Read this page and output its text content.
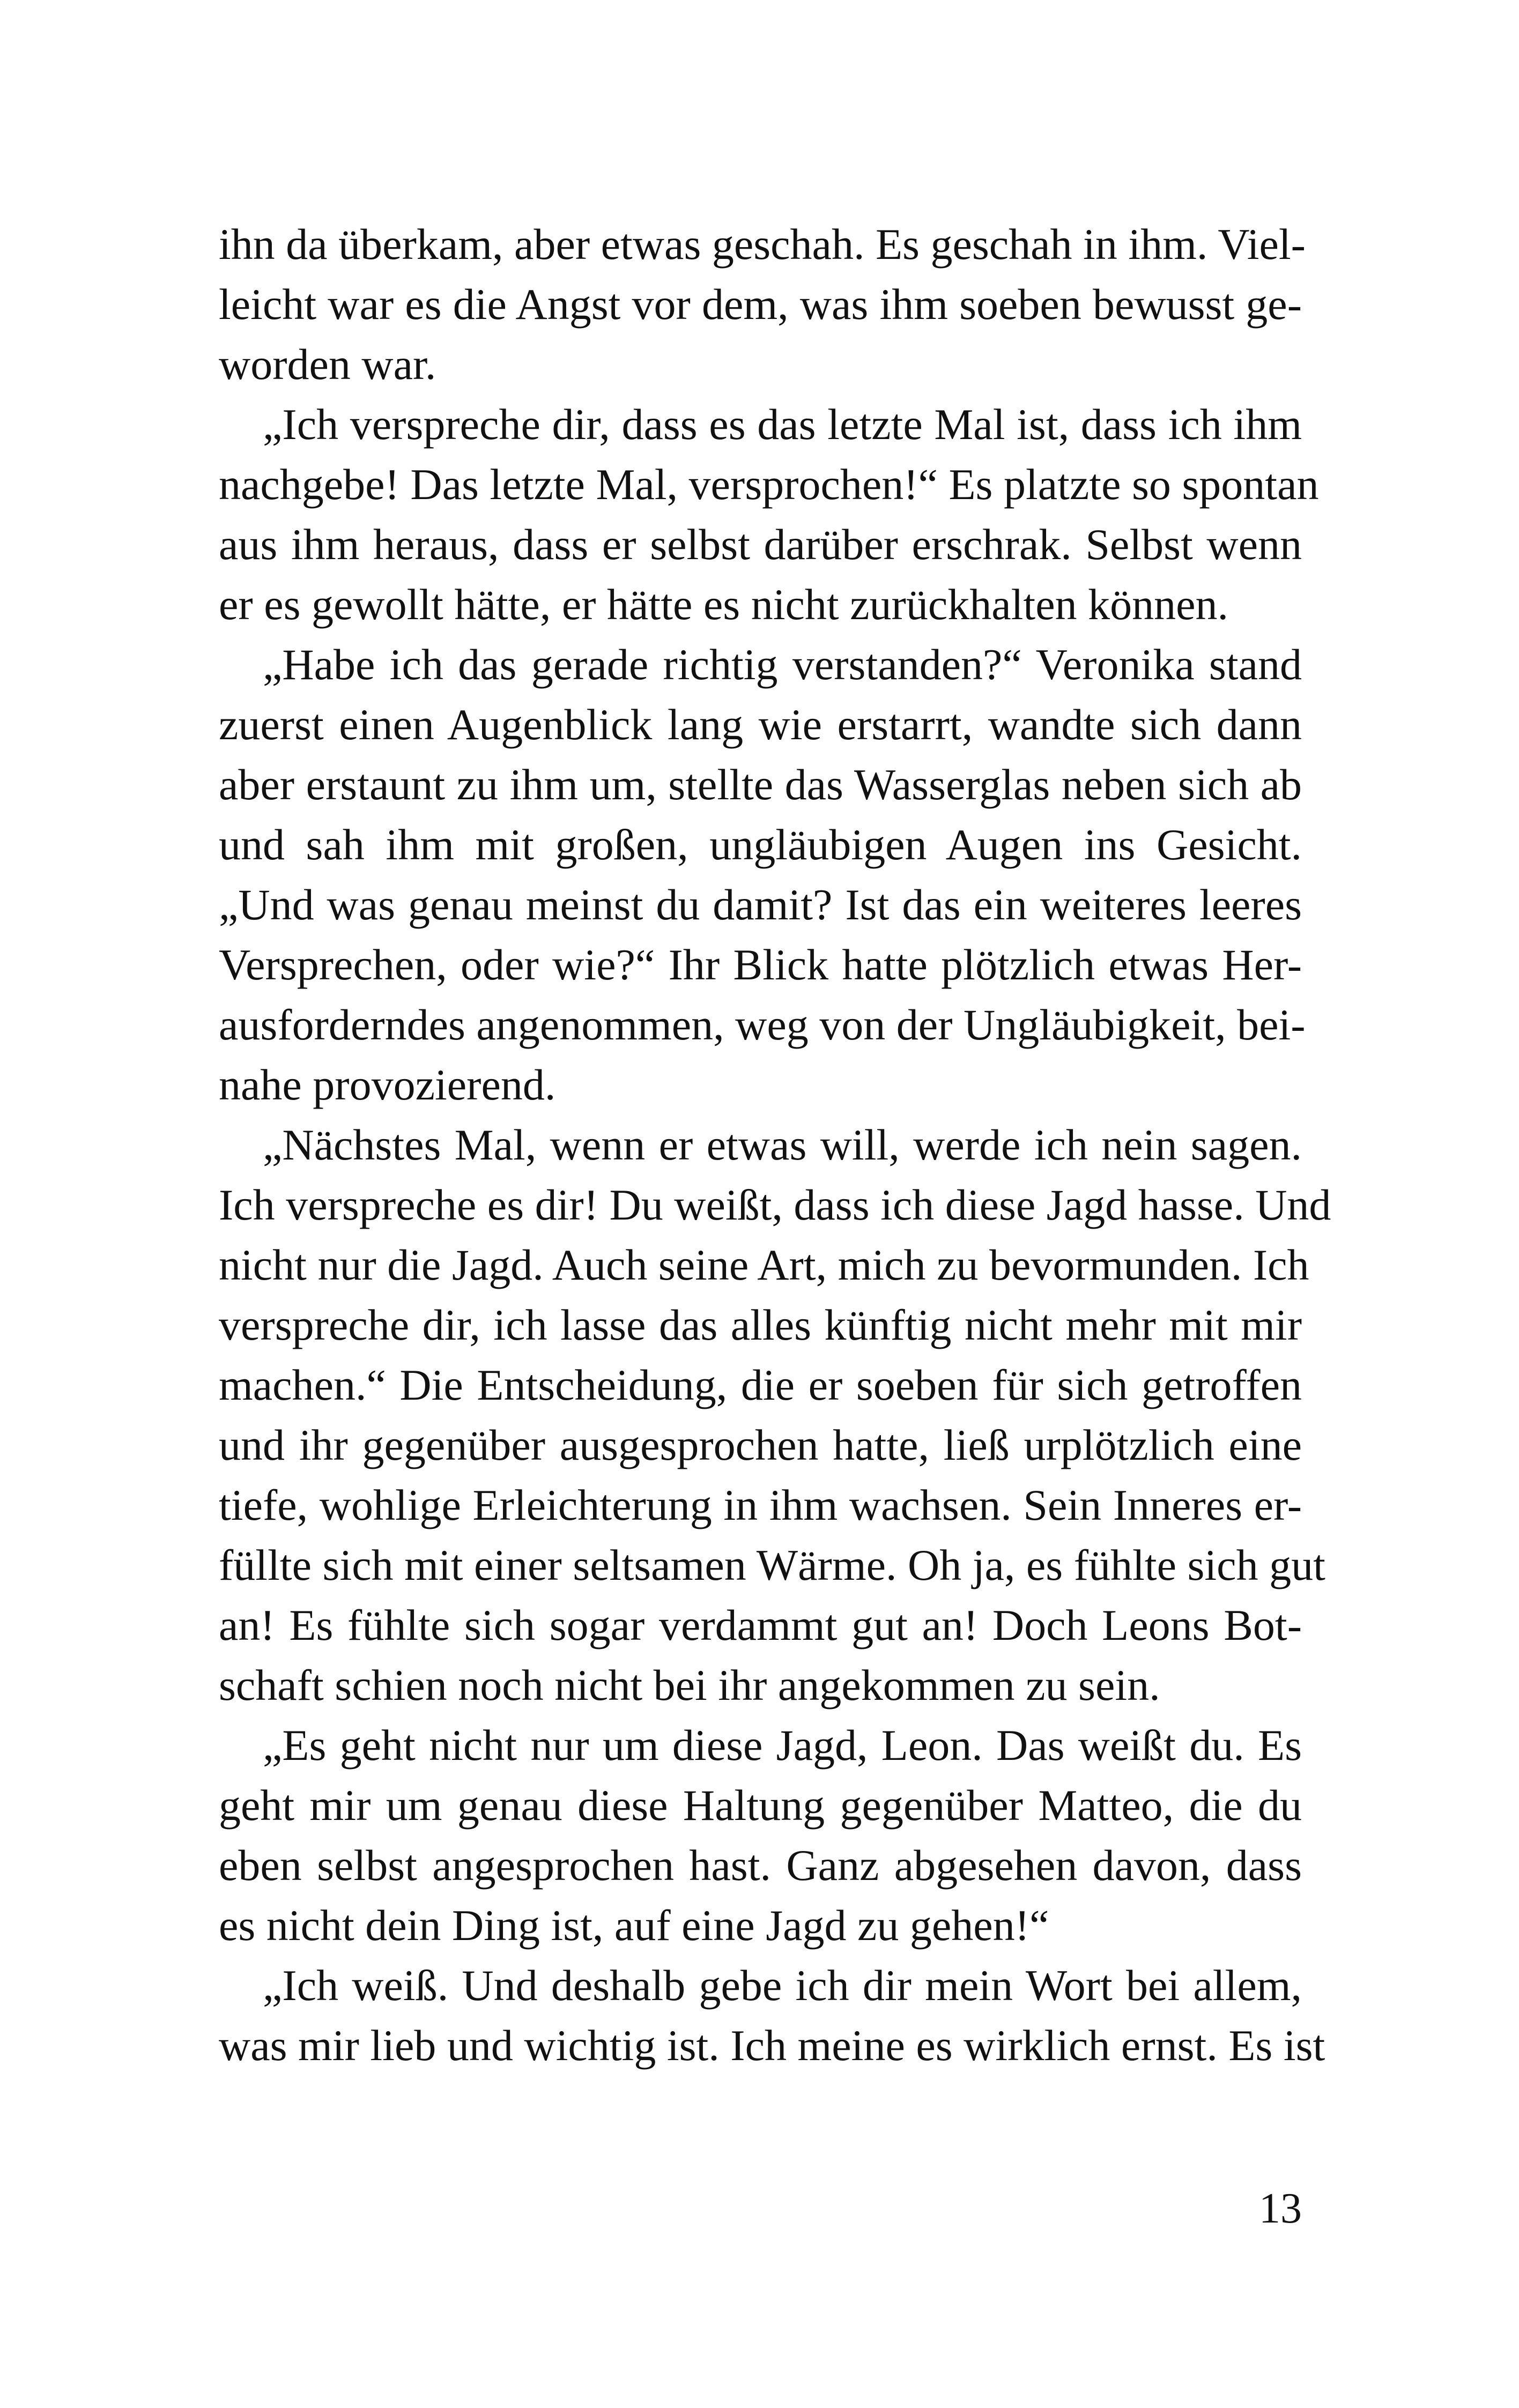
ihn da überkam, aber etwas geschah. Es geschah in ihm. Viel-
leicht war es die Angst vor dem, was ihm soeben bewusst ge-
worden war.
„Ich verspreche dir, dass es das letzte Mal ist, dass ich ihm
nachgebe! Das letzte Mal, versprochen!“ Es platzte so spontan
aus ihm heraus, dass er selbst darüber erschrak. Selbst wenn
er es gewollt hätte, er hätte es nicht zurückhalten können.
„Habe ich das gerade richtig verstanden?“ Veronika stand
zuerst einen Augenblick lang wie erstarrt, wandte sich dann
aber erstaunt zu ihm um, stellte das Wasserglas neben sich ab
und sah ihm mit großen, ungläubigen Augen ins Gesicht.
„Und was genau meinst du damit? Ist das ein weiteres leeres
Versprechen, oder wie?“ Ihr Blick hatte plötzlich etwas Her-
ausforderndes angenommen, weg von der Ungläubigkeit, bei-
nahe provozierend.
„Nächstes Mal, wenn er etwas will, werde ich nein sagen.
Ich verspreche es dir! Du weißt, dass ich diese Jagd hasse. Und
nicht nur die Jagd. Auch seine Art, mich zu bevormunden. Ich
verspreche dir, ich lasse das alles künftig nicht mehr mit mir
machen.“ Die Entscheidung, die er soeben für sich getroffen
und ihr gegenüber ausgesprochen hatte, ließ urplötzlich eine
tiefe, wohlige Erleichterung in ihm wachsen. Sein Inneres er-
füllte sich mit einer seltsamen Wärme. Oh ja, es fühlte sich gut
an! Es fühlte sich sogar verdammt gut an! Doch Leons Bot-
schaft schien noch nicht bei ihr angekommen zu sein.
„Es geht nicht nur um diese Jagd, Leon. Das weißt du. Es
geht mir um genau diese Haltung gegenüber Matteo, die du
eben selbst angesprochen hast. Ganz abgesehen davon, dass
es nicht dein Ding ist, auf eine Jagd zu gehen!“
„Ich weiß. Und deshalb gebe ich dir mein Wort bei allem,
was mir lieb und wichtig ist. Ich meine es wirklich ernst. Es ist
13
